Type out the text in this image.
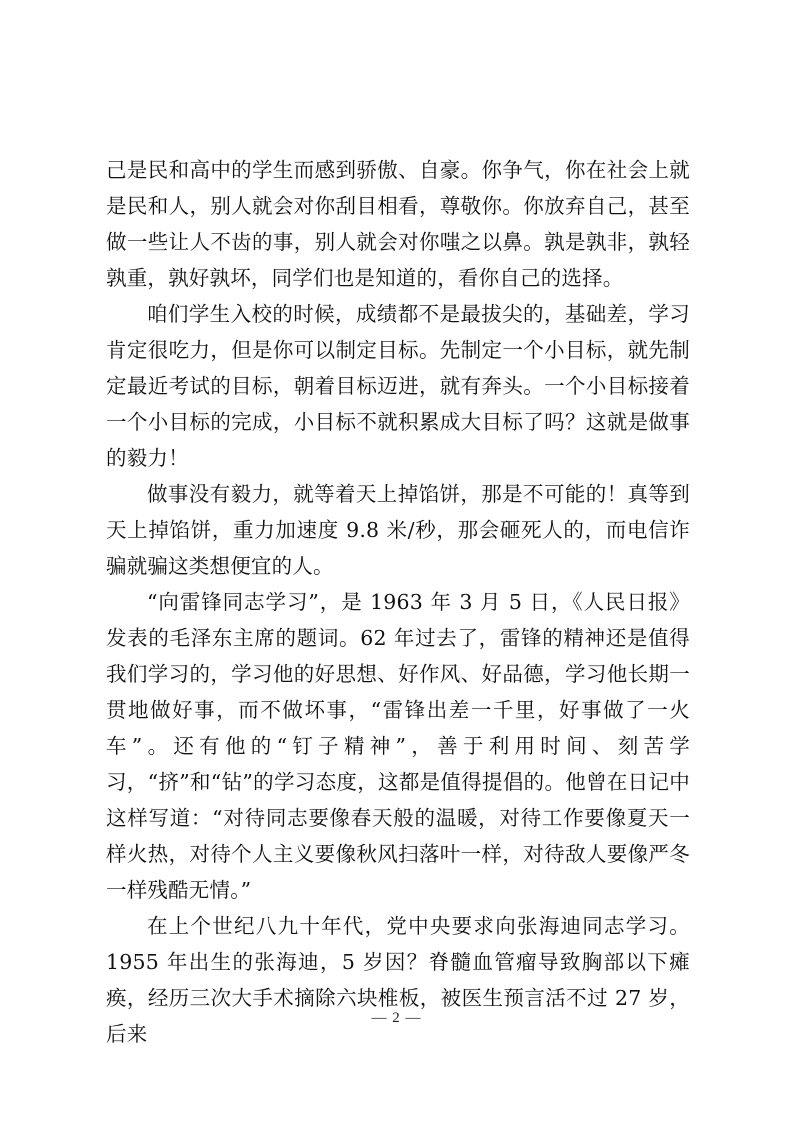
己是民和高中的学生而感到骄傲、自豪。你争气，你在社会上就是民和人，别人就会对你刮目相看，尊敬你。你放弃自己，甚至做一些让人不齿的事，别人就会对你嗤之以鼻。孰是孰非，孰轻孰重，孰好孰坏，同学们也是知道的，看你自己的选择。

咱们学生入校的时候，成绩都不是最拔尖的，基础差，学习肯定很吃力，但是你可以制定目标。先制定一个小目标，就先制定最近考试的目标，朝着目标迈进，就有奔头。一个小目标接着一个小目标的完成，小目标不就积累成大目标了吗？这就是做事的毅力！

做事没有毅力，就等着天上掉馅饼，那是不可能的！真等到天上掉馅饼，重力加速度 9.8 米/秒，那会砸死人的，而电信诈骗就骗这类想便宜的人。

“向雷锋同志学习”，是 1963 年 3 月 5 日，《人民日报》发表的毛泽东主席的题词。62 年过去了，雷锋的精神还是值得我们学习的，学习他的好思想、好作风、好品德，学习他长期一贯地做好事，而不做坏事，“雷锋出差一千里，好事做了一火车”。还有他的“钉子精神”，善于利用时间、刻苦学习，“挤”和“钻”的学习态度，这都是值得提倡的。他曾在日记中这样写道：“对待同志要像春天般的温暖，对待工作要像夏天一样火热，对待个人主义要像秋风扫落叶一样，对待敌人要像严冬一样残酷无情。”

在上个世纪八九十年代，党中央要求向张海迪同志学习。1955 年出生的张海迪，5 岁因？脊髓血管瘤导致胸部以下瘫痪，经历三次大手术摘除六块椎板，被医生预言活不过 27 岁，后来

— 2 —
